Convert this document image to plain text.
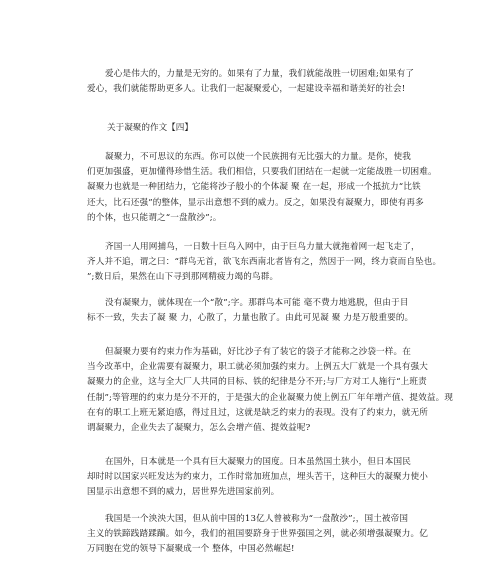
爱心是伟大的，力量是无穷的。如果有了力量，我们就能战胜一切困难;如果有了

爱心，我们就能帮助更多人。让我们一起凝聚爱心，一起建设幸福和谐美好的社会!

关于凝聚的作文【四】

凝聚力，不可思议的东西。你可以使一个民族拥有无比强大的力量。是你，使我

们更加强盛，更加懂得珍惜生活。我们相信，只要我们团结在一起就一定能战胜一切困难。

凝聚力也就是一种团结力，它能将沙子般小的个体凝 聚 在一起，形成一个抵抗力“比铁

还大，比石还强”的整体，显示出意想不到的威力。反之，如果没有凝聚力，即使有再多

的个体，也只能谓之“一盘散沙”;。

齐国一人用网捕鸟，一日数十巨鸟入网中，由于巨鸟力量大就拖着网一起飞走了，

齐人并不追，谓之曰：“群鸟无首，欲飞东西南北者皆有之，然因于一网，终力衰而自坠也。

”;数日后，果然在山下寻到那网精疲力竭的鸟群。

没有凝聚力，就体现在一个“散”;字。那群鸟本可能 毫不费力地逃脱，但由于目

标不一致，失去了凝 聚 力，心散了，力量也散了。由此可见凝 聚 力是万般重要的。

但凝聚力要有约束力作为基础，好比沙子有了装它的袋子才能称之沙袋一样。在

当今改革中，企业需要有凝聚力，职工就必须加强约束力。上例五大厂就是一个具有强大

凝聚力的企业，这与全大厂人共同的目标、铁的纪律是分不开;与厂方对工人施行“上班责

任制”;等管理的约束力是分不开的，于是强大的企业凝聚力使上例五厂年年增产值、提效益。现

在有的职工上班无紧迫感，得过且过，这就是缺乏约束力的表现。没有了约束力，就无所

谓凝聚力，企业失去了凝聚力，怎么会增产值、提效益呢?

在国外，日本就是一个具有巨大凝聚力的国度。日本虽然国土狭小，但日本国民

却时时以国家兴旺发达为约束力，工作时常加班加点，埋头苦干，这种巨大的凝聚力使小

国显示出意想不到的威力，居世界先进国家前列。

我国是一个泱泱大国，但从前中国的13亿人曾被称为“一盘散沙”;，国土被帝国

主义的铁蹄践踏蹂躏。如今，我们的祖国要跻身于世界强国之列，就必须增强凝聚力。亿

万同胞在党的领导下凝聚成一个 整体，中国必然崛起!
